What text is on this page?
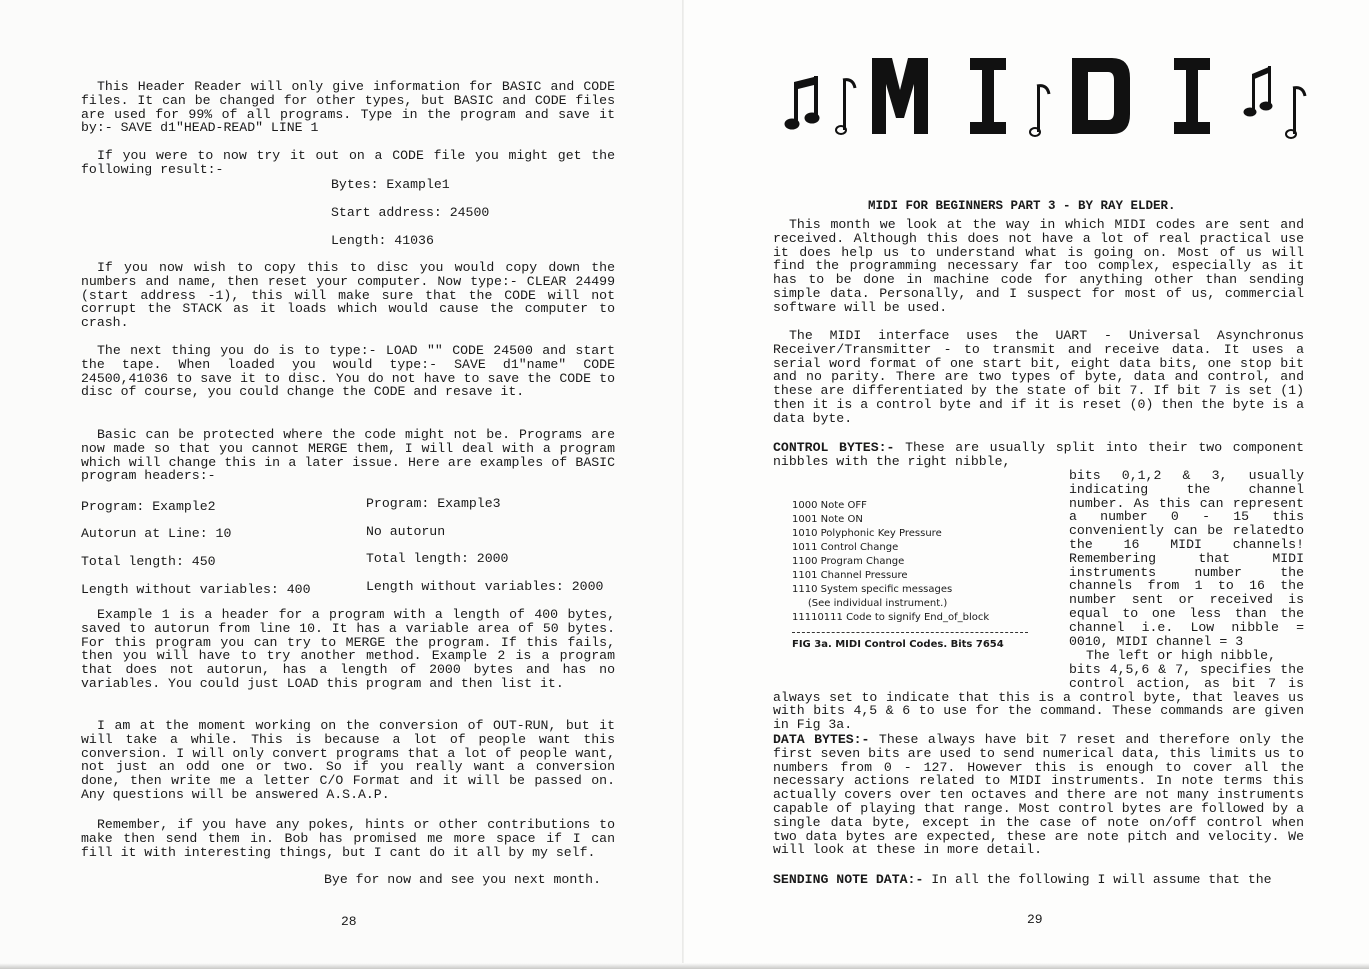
This Header Reader will only give information for BASIC and CODE files. It can be changed for other types, but BASIC and CODE files are used for 99% of all programs. Type in the program and save it by:- SAVE d1"HEAD-READ" LINE 1

If you were to now try it out on a CODE file you might get the following result:-

Bytes: Example1

Start address: 24500

Length: 41036

If you now wish to copy this to disc you would copy down the numbers and name, then reset your computer. Now type:- CLEAR 24499 (start address -1), this will make sure that the CODE will not corrupt the STACK as it loads which would cause the computer to crash.

The next thing you do is to type:- LOAD "" CODE 24500 and start the tape. When loaded you would type:- SAVE d1"name" CODE 24500,41036 to save it to disc. You do not have to save the CODE to disc of course, you could change the CODE and resave it.

Basic can be protected where the code might not be. Programs are now made so that you cannot MERGE them, I will deal with a program which will change this in a later issue. Here are examples of BASIC program headers:-

Program: Example2

Autorun at Line: 10

Total length: 450

Length without variables: 400

Program: Example3

No autorun

Total length: 2000

Length without variables: 2000

Example 1 is a header for a program with a length of 400 bytes, saved to autorun from line 10. It has a variable area of 50 bytes. For this program you can try to MERGE the program. If this fails, then you will have to try another method. Example 2 is a program that does not autorun, has a length of 2000 bytes and has no variables. You could just LOAD this program and then list it.

I am at the moment working on the conversion of OUT-RUN, but it will take a while. This is because a lot of people want this conversion. I will only convert programs that a lot of people want, not just an odd one or two. So if you really want a conversion done, then write me a letter C/O Format and it will be passed on. Any questions will be answered A.S.A.P.

Remember, if you have any pokes, hints or other contributions to make then send them in. Bob has promised me more space if I can fill it with interesting things, but I cant do it all by my self.

Bye for now and see you next month.

28

MIDI FOR BEGINNERS PART 3 - BY RAY ELDER.

This month we look at the way in which MIDI codes are sent and received. Although this does not have a lot of real practical use it does help us to understand what is going on. Most of us will find the programming necessary far too complex, especially as it has to be done in machine code for anything other than sending simple data. Personally, and I suspect for most of us, commercial software will be used.

The MIDI interface uses the UART - Universal Asynchronus Receiver/Transmitter - to transmit and receive data. It uses a serial word format of one start bit, eight data bits, one stop bit and no parity. There are two types of byte, data and control, and these are differentiated by the state of bit 7. If bit 7 is set (1) then it is a control byte and if it is reset (0) then the byte is a data byte.

CONTROL BYTES:- These are usually split into their two component nibbles with the right nibble,

bits 0,1,2 & 3, usually indicating the channel number. As this can represent a number 0 - 15 this conveniently can be relatedto the 16 MIDI channels! Remembering that MIDI instruments number the channels from 1 to 16 the number sent or received is equal to one less than the channel i.e. Low nibble = 0010, MIDI channel = 3

1000 Note OFF
1001 Note ON
1010 Polyphonic Key Pressure
1011 Control Change
1100 Program Change
1101 Channel Pressure
1110 System specific messages
(See individual instrument.)
11110111 Code to signify End_of_block
FIG 3a. MIDI Control Codes. Bits 7654

The left or high nibble,

bits 4,5,6 & 7, specifies the control action, as bit 7 is always set to indicate that this is a control byte, that leaves us with bits 4,5 & 6 to use for the command. These commands are given in Fig 3a.

DATA BYTES:- These always have bit 7 reset and therefore only the first seven bits are used to send numerical data, this limits us to numbers from 0 - 127. However this is enough to cover all the necessary actions related to MIDI instruments. In note terms this actually covers over ten octaves and there are not many instruments capable of playing that range. Most control bytes are followed by a single data byte, except in the case of note on/off control when two data bytes are expected, these are note pitch and velocity. We will look at these in more detail.

SENDING NOTE DATA:- In all the following I will assume that the

29
